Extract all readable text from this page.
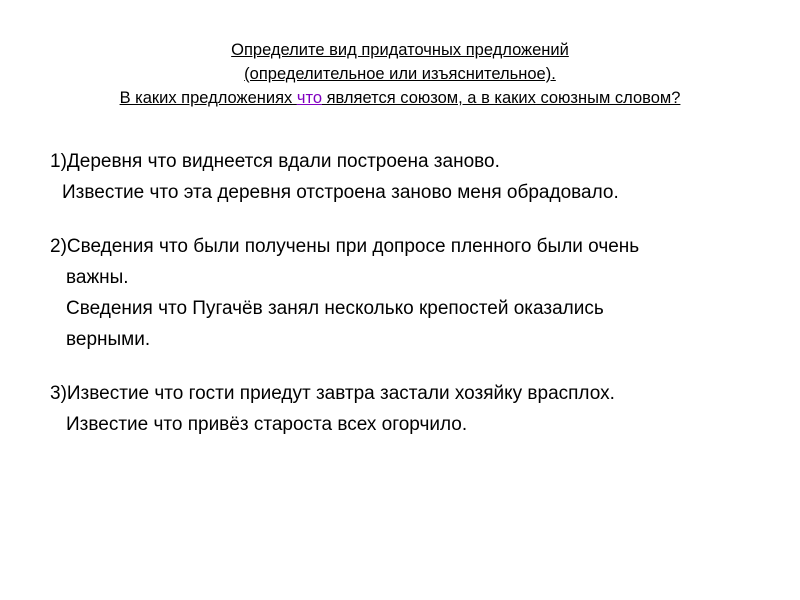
Определите вид придаточных предложений
(определительное или изъяснительное).
В каких предложениях что является союзом, а в каких союзным словом?
1)Деревня что виднеется вдали построена заново.
Известие что эта деревня отстроена заново меня обрадовало.
2)Сведения что были получены при допросе пленного были очень
важны.
Сведения что Пугачёв занял несколько крепостей оказались
верными.
3)Известие что гости приедут завтра застали хозяйку врасплох.
Известие что привёз староста всех огорчило.
